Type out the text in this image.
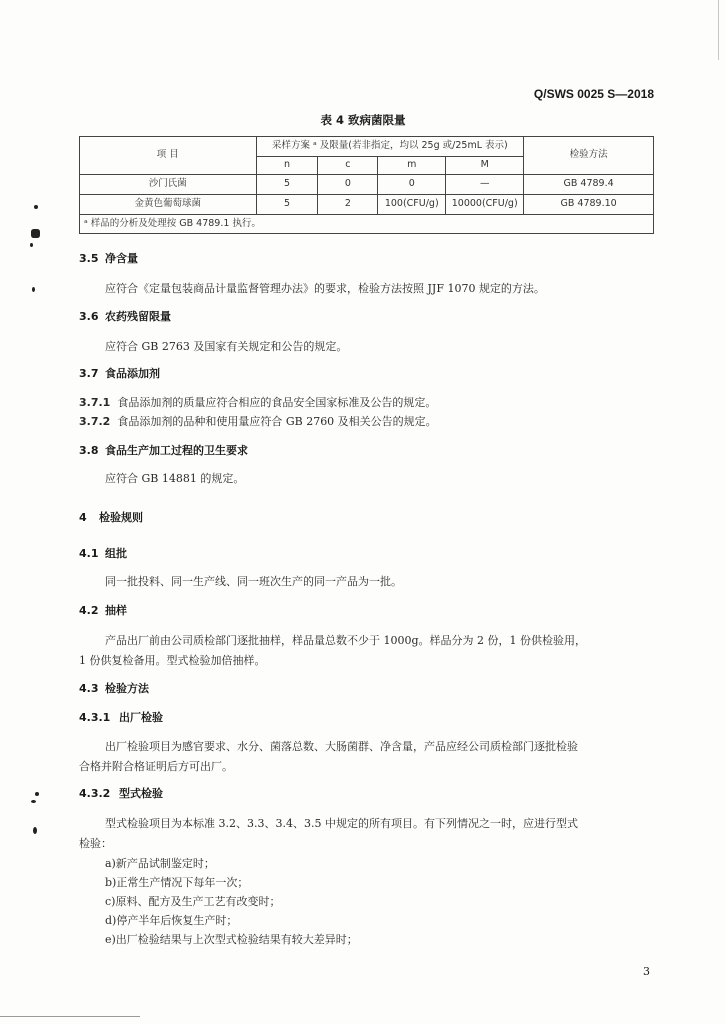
Q/SWS 0025 S—2018
表 4 致病菌限量
项 目	采样方案 ᵃ 及限量(若非指定，均以 25g 或/25mL 表示)				检验方法
	n	c	m	M	
沙门氏菌	5	0	0	—	GB 4789.4
金黄色葡萄球菌	5	2	100(CFU/g)	10000(CFU/g)	GB 4789.10
ᵃ 样品的分析及处理按 GB 4789.1 执行。					
3.5 净含量
应符合《定量包装商品计量监督管理办法》的要求，检验方法按照 JJF 1070 规定的方法。
3.6 农药残留限量
应符合 GB 2763 及国家有关规定和公告的规定。
3.7 食品添加剂
3.7.1 食品添加剂的质量应符合相应的食品安全国家标准及公告的规定。
3.7.2 食品添加剂的品种和使用量应符合 GB 2760 及相关公告的规定。
3.8 食品生产加工过程的卫生要求
应符合 GB 14881 的规定。
4 检验规则
4.1 组批
同一批投料、同一生产线、同一班次生产的同一产品为一批。
4.2 抽样
产品出厂前由公司质检部门逐批抽样，样品量总数不少于 1000g。样品分为 2 份，1 份供检验用，
1 份供复检备用。型式检验加倍抽样。
4.3 检验方法
4.3.1 出厂检验
出厂检验项目为感官要求、水分、菌落总数、大肠菌群、净含量，产品应经公司质检部门逐批检验
合格并附合格证明后方可出厂。
4.3.2 型式检验
型式检验项目为本标准 3.2、3.3、3.4、3.5 中规定的所有项目。有下列情况之一时，应进行型式
检验：
a)新产品试制鉴定时；
b)正常生产情况下每年一次；
c)原料、配方及生产工艺有改变时；
d)停产半年后恢复生产时；
e)出厂检验结果与上次型式检验结果有较大差异时；
3
